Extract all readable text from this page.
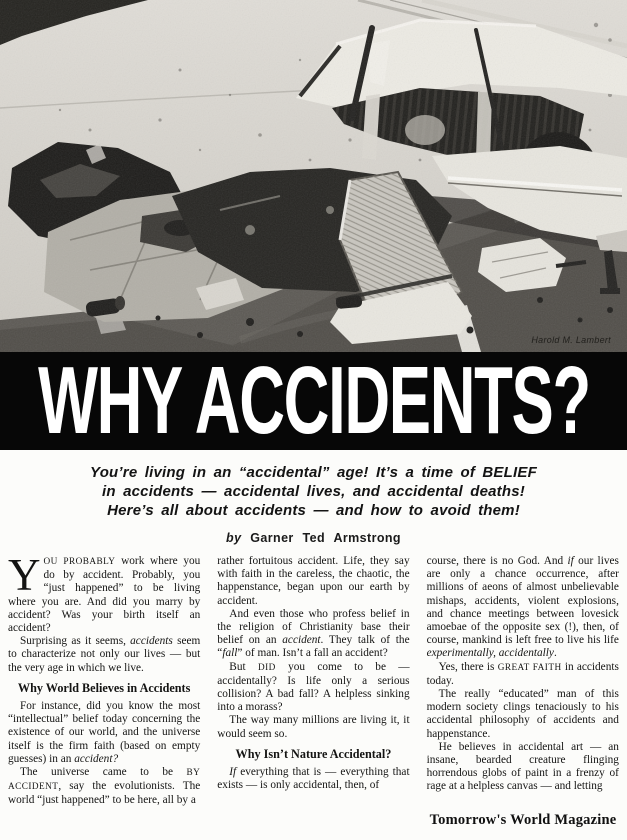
Harold M. Lambert
WHY ACCIDENTS?

You’re living in an “accidental” age! It’s a time of BELIEF

in accidents — accidental lives, and accidental deaths!

Here’s all about accidents — and how to avoid them!

by Garner Ted Armstrong

YOU PROBABLY work where you do by accident. Probably, you “just happened” to be living where you are. And did you marry by accident? Was your birth itself an accident?

Surprising as it seems, accidents seem to characterize not only our lives — but the very age in which we live.

Why World Believes in Accidents

For instance, did you know the most “intellectual” belief today concerning the existence of our world, and the universe itself is the firm faith (based on empty guesses) in an accident?

The universe came to be BY ACCIDENT, say the evolutionists. The world “just happened” to be here, all by a

rather fortuitous accident. Life, they say with faith in the careless, the chaotic, the happenstance, began upon our earth by accident.

And even those who profess belief in the religion of Christianity base their belief on an accident. They talk of the “fall” of man. Isn’t a fall an accident?

But DID you come to be — accidentally? Is life only a serious collision? A bad fall? A helpless sinking into a morass?

The way many millions are living it, it would seem so.

Why Isn’t Nature Accidental?

If everything that is — everything that exists — is only accidental, then, of

course, there is no God. And if our lives are only a chance occurrence, after millions of aeons of almost unbelievable mishaps, accidents, violent explosions, and chance meetings between lovesick amoebae of the opposite sex (!), then, of course, mankind is left free to live his life experimentally, accidentally.

Yes, there is GREAT FAITH in accidents today.

The really “educated” man of this modern society clings tenaciously to his accidental philosophy of accidents and happenstance.

He believes in accidental art — an insane, bearded creature flinging horrendous globs of paint in a frenzy of rage at a helpless canvas — and letting

Tomorrow's World Magazine
